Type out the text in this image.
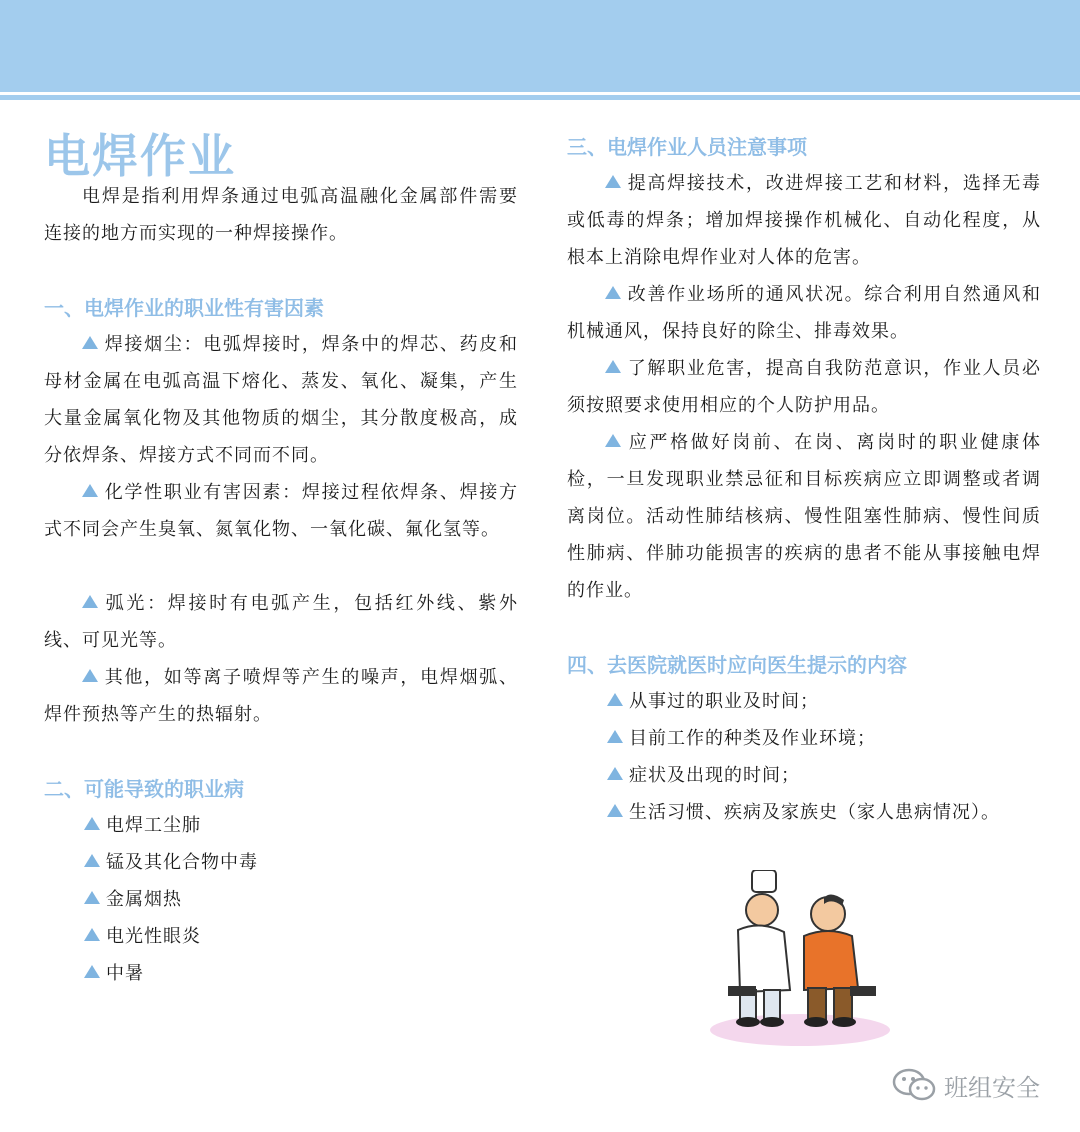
电焊作业
电焊是指利用焊条通过电弧高温融化金属部件需要连接的地方而实现的一种焊接操作。
一、电焊作业的职业性有害因素
焊接烟尘：电弧焊接时，焊条中的焊芯、药皮和母材金属在电弧高温下熔化、蒸发、氧化、凝集，产生大量金属氧化物及其他物质的烟尘，其分散度极高，成分依焊条、焊接方式不同而不同。
化学性职业有害因素：焊接过程依焊条、焊接方式不同会产生臭氧、氮氧化物、一氧化碳、氟化氢等。
弧光：焊接时有电弧产生，包括红外线、紫外线、可见光等。
其他，如等离子喷焊等产生的噪声，电焊烟弧、焊件预热等产生的热辐射。
二、可能导致的职业病
电焊工尘肺
锰及其化合物中毒
金属烟热
电光性眼炎
中暑
三、电焊作业人员注意事项
提高焊接技术，改进焊接工艺和材料，选择无毒或低毒的焊条；增加焊接操作机械化、自动化程度，从根本上消除电焊作业对人体的危害。
改善作业场所的通风状况。综合利用自然通风和机械通风，保持良好的除尘、排毒效果。
了解职业危害，提高自我防范意识，作业人员必须按照要求使用相应的个人防护用品。
应严格做好岗前、在岗、离岗时的职业健康体检，一旦发现职业禁忌征和目标疾病应立即调整或者调离岗位。活动性肺结核病、慢性阻塞性肺病、慢性间质性肺病、伴肺功能损害的疾病的患者不能从事接触电焊的作业。
四、去医院就医时应向医生提示的内容
从事过的职业及时间；
目前工作的种类及作业环境；
症状及出现的时间；
生活习惯、疾病及家族史（家人患病情况）。
班组安全
